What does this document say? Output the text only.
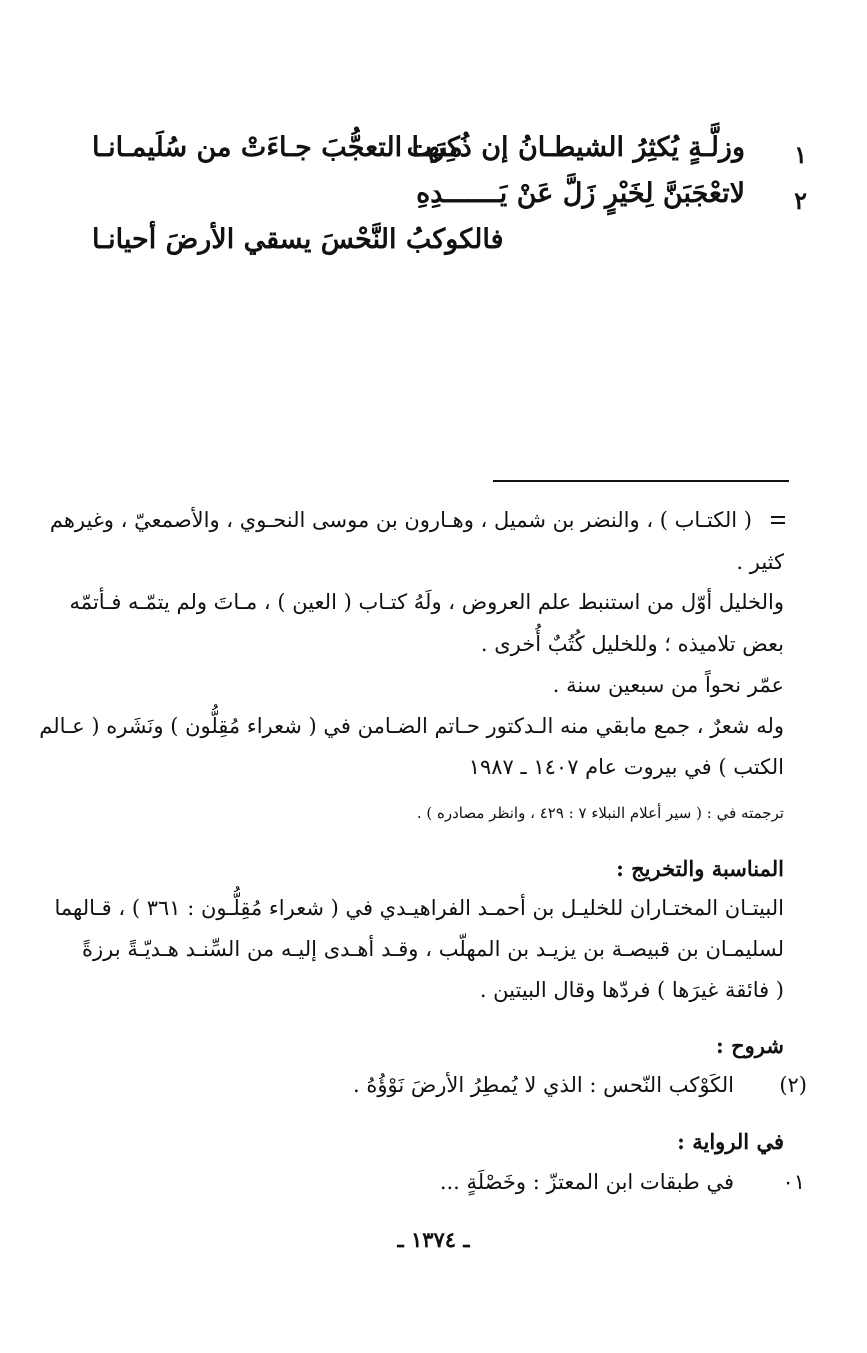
١
وزلَّـةٍ يُكثِرُ الشيطـانُ إن ذُكِرَت
منهـا التعجُّبَ جـاءَتْ من سُلَيمـانـا
٢
لاتعْجَبَنَّ لِخَيْرٍ زَلَّ عَنْ يَـــــــدِهِ
فالكوكبُ النَّحْسَ يسقي الأرضَ أحيانـا
( الكتـاب ) ، والنضر بن شميل ، وهـارون بن موسى النحـوي ، والأصمعيّ ، وغيرهم
كثير .
والخليل أوّل من استنبط علم العروض ، ولَهُ كتـاب ( العين ) ، مـاتَ ولم يتمّـه فـأتمّه
بعض تلاميذه ؛ وللخليل كُتُبٌ أُخرى .
عمّر نحواً من سبعين سنة .
وله شعرٌ ، جمع مابقي منه الـدكتور حـاتم الضـامن في ( شعراء مُقِلُّون ) ونَشَره ( عـالم
الكتب ) في بيروت عام ١٤٠٧ ـ ١٩٨٧
ترجمته في : ( سير أعلام النبلاء ٧ : ٤٢٩ ، وانظر مصادره ) .
المناسبة والتخريج :
البيتـان المختـاران للخليـل بن أحمـد الفراهيـدي في ( شعراء مُقِلُّـون : ٣٦١ ) ، قـالهما
لسليمـان بن قبيصـة بن يزيـد بن المهلّب ، وقـد أهـدى إليـه من السِّنـد هـديّـةً برزةً
( فائقة غيرَها ) فردّها وقال البيتين .
شروح :
(٢)
الكَوْكب النّحس : الذي لا يُمطِرُ الأرضَ نَوْؤُهُ .
في الرواية :
٠١
في طبقات ابن المعتزّ : وخَصْلَةٍ ...
ـ ١٣٧٤ ـ
